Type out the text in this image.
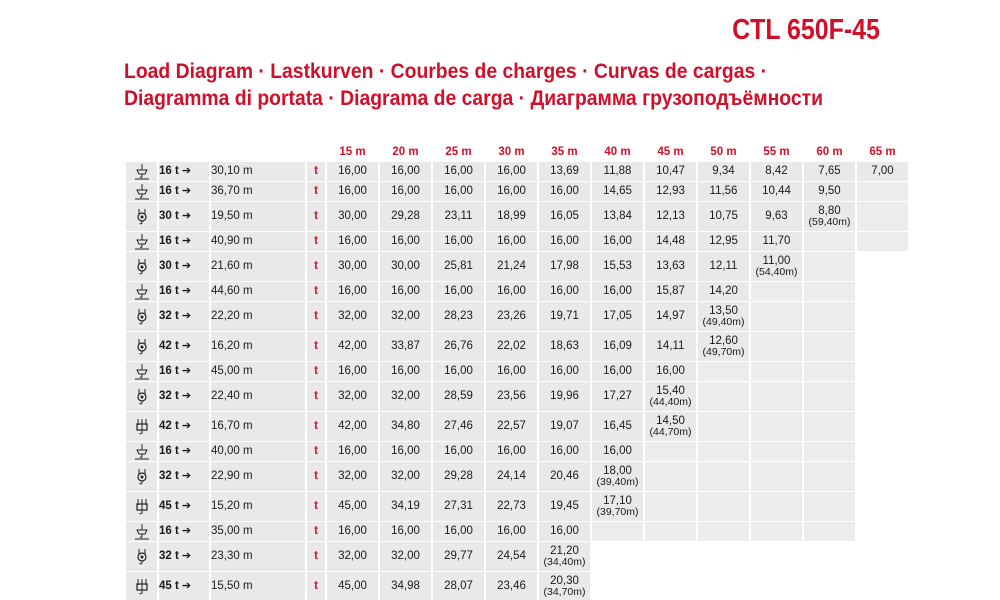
CTL 650F-45
Load Diagram · Lastkurven · Courbes de charges · Curvas de cargas ·
Diagramma di portata · Diagrama de carga · Диаграмма грузоподъёмности
				15 m	20 m	25 m	30 m	35 m	40 m	45 m	50 m	55 m	60 m	65 m

	16 t ➔	30,10 m	t	16,00	16,00	16,00	16,00	13,69	11,88	10,47	9,34	8,42	7,65	7,00

	16 t ➔	36,70 m	t	16,00	16,00	16,00	16,00	16,00	14,65	12,93	11,56	10,44	9,50	

	30 t ➔	19,50 m	t	30,00	29,28	23,11	18,99	16,05	13,84	12,13	10,75	9,63	8,80
(59,40m)	

	16 t ➔	40,90 m	t	16,00	16,00	16,00	16,00	16,00	16,00	14,48	12,95	11,70		

	30 t ➔	21,60 m	t	30,00	30,00	25,81	21,24	17,98	15,53	13,63	12,11	11,00
(54,40m)		

	16 t ➔	44,60 m	t	16,00	16,00	16,00	16,00	16,00	16,00	15,87	14,20			

	32 t ➔	22,20 m	t	32,00	32,00	28,23	23,26	19,71	17,05	14,97	13,50
(49,40m)			

	42 t ➔	16,20 m	t	42,00	33,87	26,76	22,02	18,63	16,09	14,11	12,60
(49,70m)			

	16 t ➔	45,00 m	t	16,00	16,00	16,00	16,00	16,00	16,00	16,00				

	32 t ➔	22,40 m	t	32,00	32,00	28,59	23,56	19,96	17,27	15,40
(44,40m)				

	42 t ➔	16,70 m	t	42,00	34,80	27,46	22,57	19,07	16,45	14,50
(44,70m)				

	16 t ➔	40,00 m	t	16,00	16,00	16,00	16,00	16,00	16,00					

	32 t ➔	22,90 m	t	32,00	32,00	29,28	24,14	20,46	18,00
(39,40m)					

	45 t ➔	15,20 m	t	45,00	34,19	27,31	22,73	19,45	17,10
(39,70m)					

	16 t ➔	35,00 m	t	16,00	16,00	16,00	16,00	16,00						

	32 t ➔	23,30 m	t	32,00	32,00	29,77	24,54	21,20
(34,40m)						

	45 t ➔	15,50 m	t	45,00	34,98	28,07	23,46	20,30
(34,70m)						
